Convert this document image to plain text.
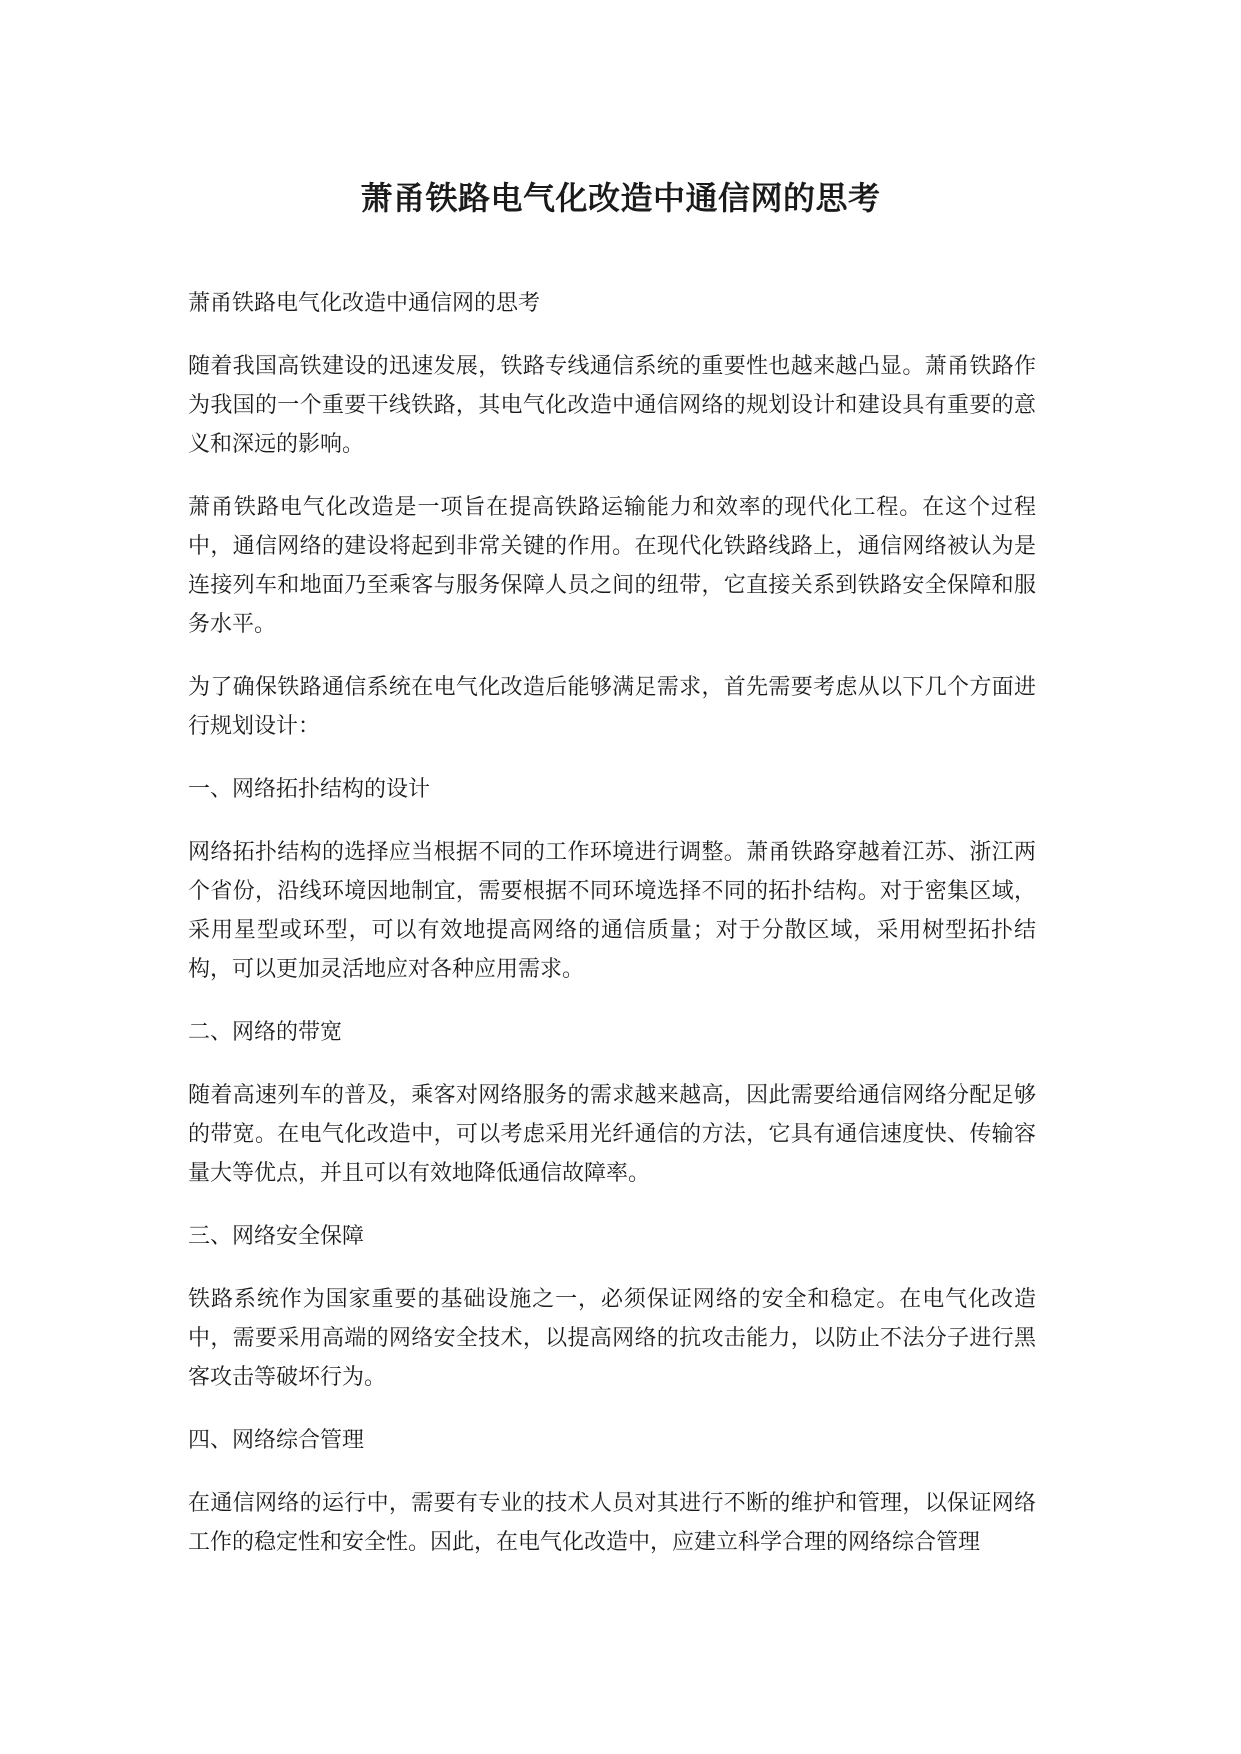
萧甬铁路电气化改造中通信网的思考

萧甬铁路电气化改造中通信网的思考

随着我国高铁建设的迅速发展，铁路专线通信系统的重要性也越来越凸显。萧甬铁路作为我国的一个重要干线铁路，其电气化改造中通信网络的规划设计和建设具有重要的意义和深远的影响。

萧甬铁路电气化改造是一项旨在提高铁路运输能力和效率的现代化工程。在这个过程中，通信网络的建设将起到非常关键的作用。在现代化铁路线路上，通信网络被认为是连接列车和地面乃至乘客与服务保障人员之间的纽带，它直接关系到铁路安全保障和服务水平。

为了确保铁路通信系统在电气化改造后能够满足需求，首先需要考虑从以下几个方面进行规划设计：

一、网络拓扑结构的设计

网络拓扑结构的选择应当根据不同的工作环境进行调整。萧甬铁路穿越着江苏、浙江两个省份，沿线环境因地制宜，需要根据不同环境选择不同的拓扑结构。对于密集区域，采用星型或环型，可以有效地提高网络的通信质量；对于分散区域，采用树型拓扑结构，可以更加灵活地应对各种应用需求。

二、网络的带宽

随着高速列车的普及，乘客对网络服务的需求越来越高，因此需要给通信网络分配足够的带宽。在电气化改造中，可以考虑采用光纤通信的方法，它具有通信速度快、传输容量大等优点，并且可以有效地降低通信故障率。

三、网络安全保障

铁路系统作为国家重要的基础设施之一，必须保证网络的安全和稳定。在电气化改造中，需要采用高端的网络安全技术，以提高网络的抗攻击能力，以防止不法分子进行黑客攻击等破坏行为。

四、网络综合管理

在通信网络的运行中，需要有专业的技术人员对其进行不断的维护和管理，以保证网络工作的稳定性和安全性。因此，在电气化改造中，应建立科学合理的网络综合管理
